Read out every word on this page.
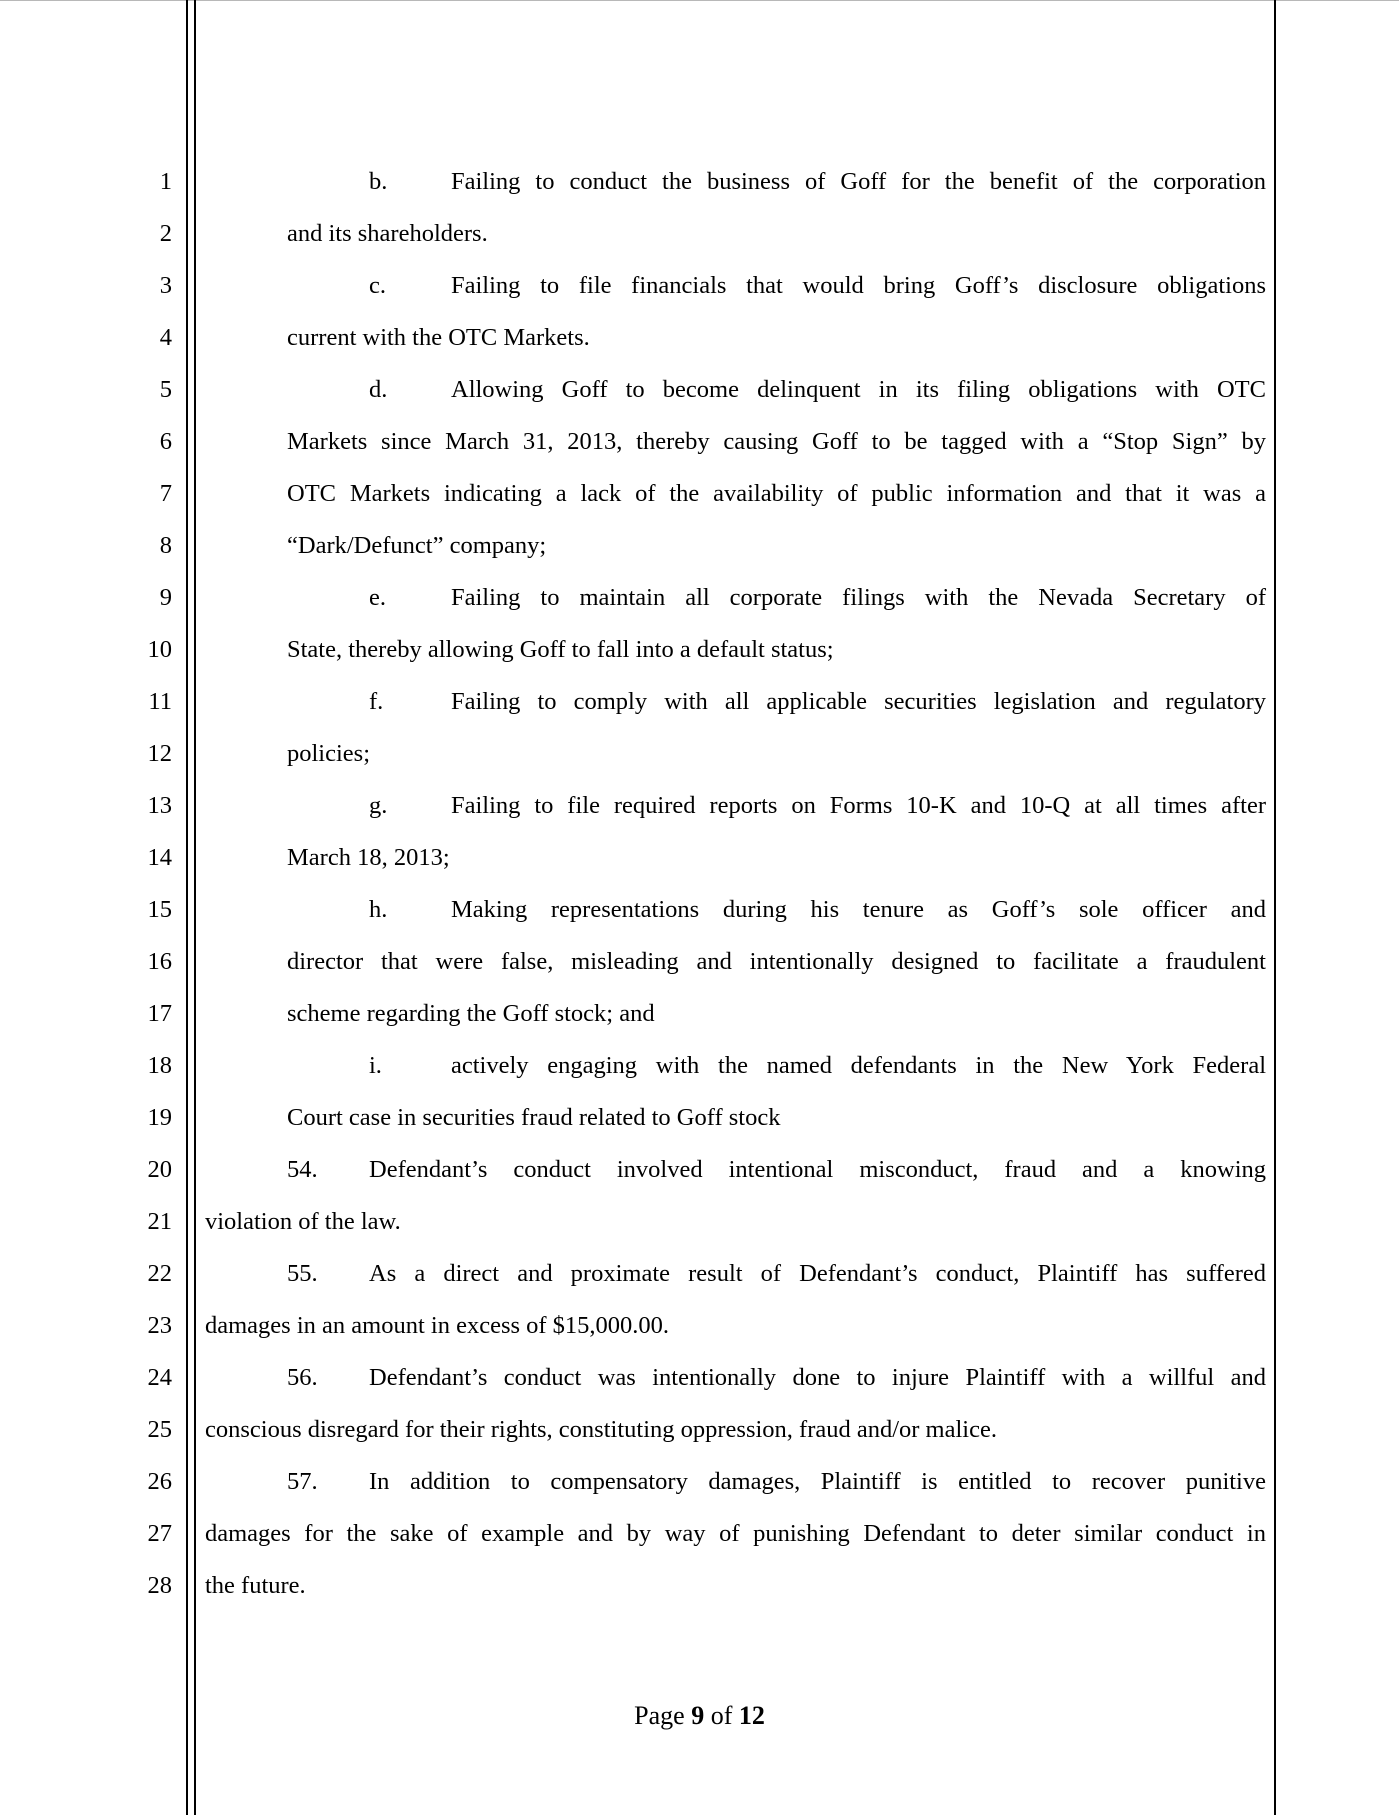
1
2
3
4
5
6
7
8
9
10
11
12
13
14
15
16
17
18
19
20
21
22
23
24
25
26
27
28
b.	Failing to conduct the business of Goff for the benefit of the corporation
and its shareholders.
c.	Failing to file financials that would bring Goff’s disclosure obligations
current with the OTC Markets.
d.	Allowing Goff to become delinquent in its filing obligations with OTC
Markets since March 31, 2013, thereby causing Goff to be tagged with a “Stop Sign” by
OTC Markets indicating a lack of the availability of public information and that it was a
“Dark/Defunct” company;
e.	Failing to maintain all corporate filings with the Nevada Secretary of
State, thereby allowing Goff to fall into a default status;
f.	Failing to comply with all applicable securities legislation and regulatory
policies;
g.	Failing to file required reports on Forms 10-K and 10-Q at all times after
March 18, 2013;
h.	Making representations during his tenure as Goff’s sole officer and
director that were false, misleading and intentionally designed to facilitate a fraudulent
scheme regarding the Goff stock; and
i.	actively engaging with the named defendants in the New York Federal
Court case in securities fraud related to Goff stock
54. Defendant’s conduct involved intentional misconduct, fraud and a knowing
violation of the law.
55. As a direct and proximate result of Defendant’s conduct, Plaintiff has suffered
damages in an amount in excess of $15,000.00.
56. Defendant’s conduct was intentionally done to injure Plaintiff with a willful and
conscious disregard for their rights, constituting oppression, fraud and/or malice.
57. In addition to compensatory damages, Plaintiff is entitled to recover punitive
damages for the sake of example and by way of punishing Defendant to deter similar conduct in
the future.
Page 9 of 12
